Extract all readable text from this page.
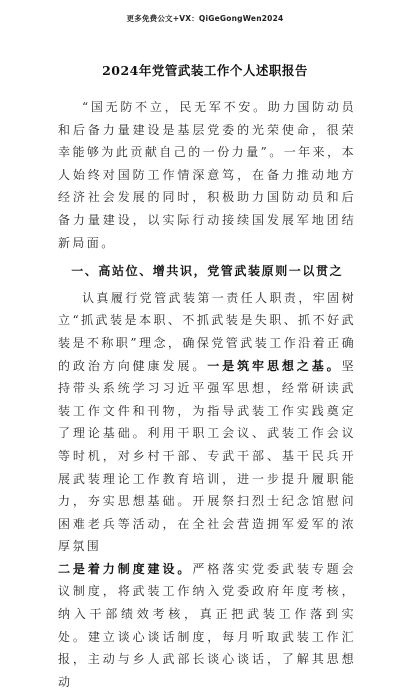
更多免费公文+VX：QiGeGongWen2024
2024年党管武装工作个人述职报告

“国无防不立，民无军不安。助力国防动员和后备力量建设是基层党委的光荣使命，很荣幸能够为此贡献自己的一份力量”。一年来，本人始终对国防工作情深意笃，在备力推动地方经济社会发展的同时，积极助力国防动员和后备力量建设，以实际行动接续国发展军地团结新局面。

一、高站位、增共识，党管武装原则一以贯之

认真履行党管武装第一责任人职责，牢固树立“抓武装是本职、不抓武装是失职、抓不好武装是不称职”理念，确保党管武装工作沿着正确的政治方向健康发展。一是筑牢思想之基。坚持带头系统学习习近平强军思想，经常研读武装工作文件和刊物，为指导武装工作实践奠定了理论基础。利用干职工会议、武装工作会议等时机，对乡村干部、专武干部、基干民兵开展武装理论工作教育培训，进一步提升履职能力，夯实思想基础。开展祭扫烈士纪念馆慰问困难老兵等活动，在全社会营造拥军爱军的浓厚氛围

二是着力制度建设。严格落实党委武装专题会议制度，将武装工作纳入党委政府年度考核，纳入干部绩效考核，真正把武装工作落到实处。建立谈心谈话制度，每月听取武装工作汇报，主动与乡人武部长谈心谈话，了解其思想动
